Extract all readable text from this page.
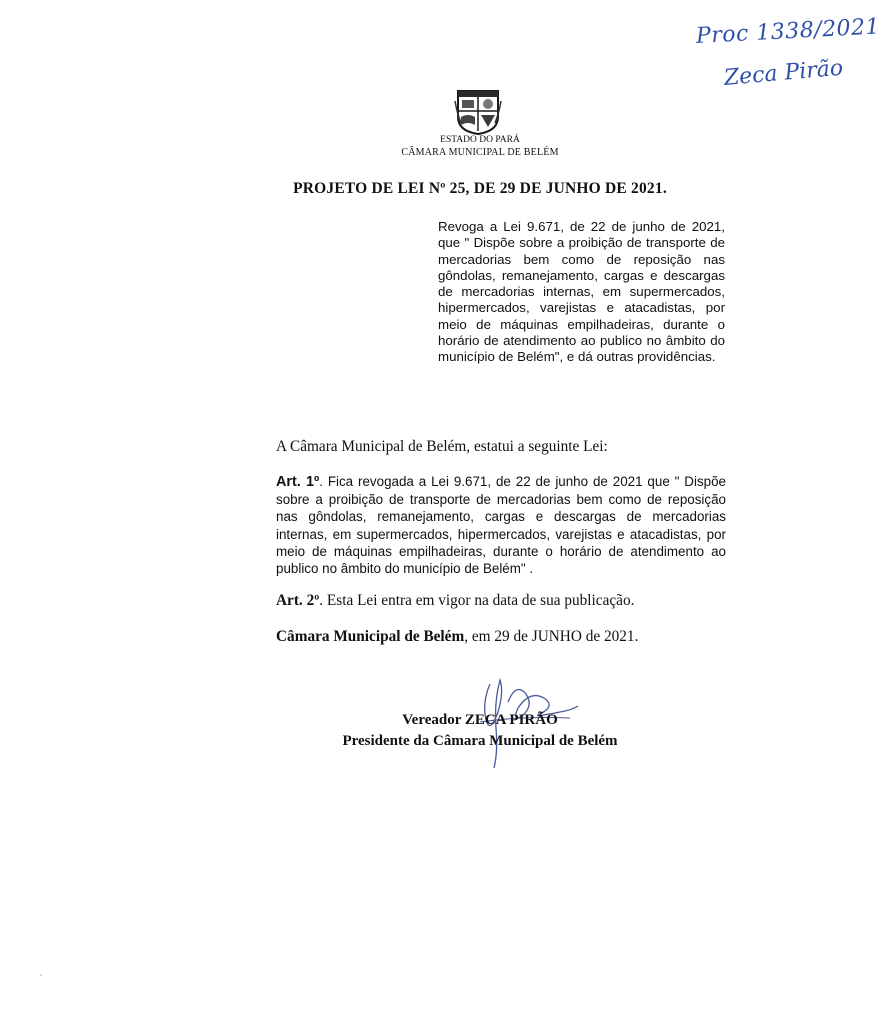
Proc 1338/2021
Zeca Pirão
ESTADO DO PARÁ
CÂMARA MUNICIPAL DE BELÉM
PROJETO DE LEI Nº 25, DE 29 DE JUNHO DE 2021.
Revoga a Lei 9.671, de 22 de junho de 2021, que " Dispõe sobre a proibição de transporte de mercadorias bem como de reposição nas gôndolas, remanejamento, cargas e descargas de mercadorias internas, em supermercados, hipermercados, varejistas e atacadistas, por meio de máquinas empilhadeiras, durante o horário de atendimento ao publico no âmbito do município de Belém", e dá outras providências.
A Câmara Municipal de Belém, estatui a seguinte Lei:
Art. 1º. Fica revogada a Lei 9.671, de 22 de junho de 2021 que " Dispõe sobre a proibição de transporte de mercadorias bem como de reposição nas gôndolas, remanejamento, cargas e descargas de mercadorias internas, em supermercados, hipermercados, varejistas e atacadistas, por meio de máquinas empilhadeiras, durante o horário de atendimento ao publico no âmbito do município de Belém" .
Art. 2º. Esta Lei entra em vigor na data de sua publicação.
Câmara Municipal de Belém, em 29 de JUNHO de 2021.
Vereador ZECA PIRÃO
Presidente da Câmara Municipal de Belém
